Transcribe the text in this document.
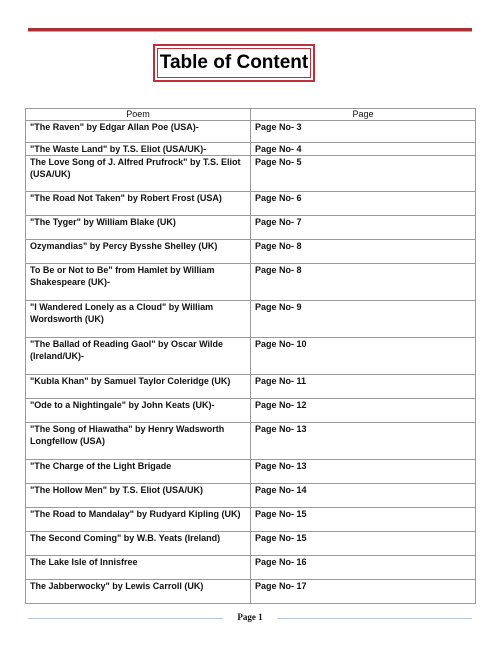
Table of Content
Poem	Page
"The Raven" by Edgar Allan Poe (USA)-	Page No- 3
"The Waste Land" by T.S. Eliot (USA/UK)-	Page No- 4
The Love Song of J. Alfred Prufrock" by T.S. Eliot (USA/UK)	Page No- 5
"The Road Not Taken" by Robert Frost (USA)	Page No- 6
"The Tyger" by William Blake (UK)	Page No- 7
Ozymandias" by Percy Bysshe Shelley (UK)	Page No- 8
To Be or Not to Be" from Hamlet by William Shakespeare (UK)-	Page No- 8
"I Wandered Lonely as a Cloud" by William Wordsworth (UK)	Page No- 9
"The Ballad of Reading Gaol" by Oscar Wilde (Ireland/UK)-	Page No- 10
"Kubla Khan" by Samuel Taylor Coleridge (UK)	Page No- 11
"Ode to a Nightingale" by John Keats (UK)-	Page No- 12
"The Song of Hiawatha" by Henry Wadsworth Longfellow (USA)	Page No- 13
"The Charge of the Light Brigade	Page No- 13
"The Hollow Men" by T.S. Eliot (USA/UK)	Page No- 14
"The Road to Mandalay" by Rudyard Kipling (UK)	Page No- 15
The Second Coming" by W.B. Yeats (Ireland)	Page No- 15
The Lake Isle of Innisfree	Page No- 16
The Jabberwocky" by Lewis Carroll (UK)	Page No- 17
Page 1
